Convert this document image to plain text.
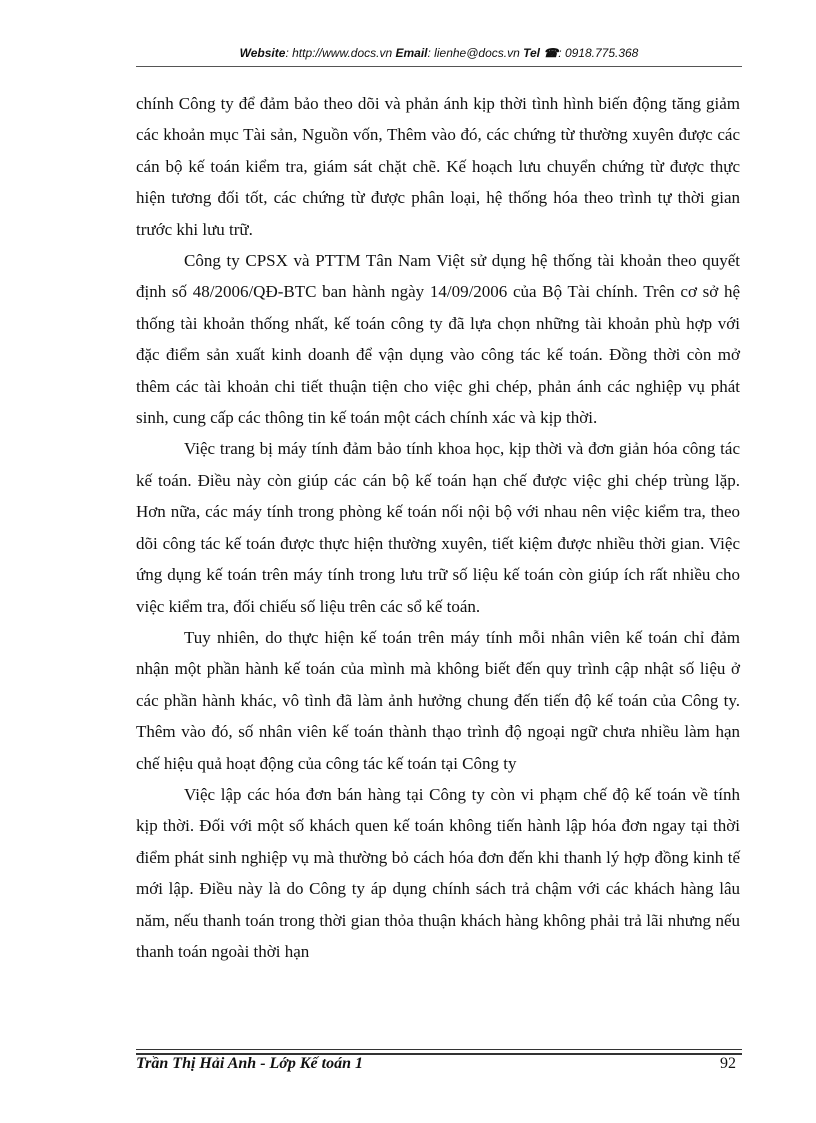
Website: http://www.docs.vn Email: lienhe@docs.vn Tel ☎: 0918.775.368

chính Công ty để đảm bảo theo dõi và phản ánh kịp thời tình hình biến động tăng giảm các khoản mục Tài sản, Nguồn vốn, Thêm vào đó, các chứng từ thường xuyên được các cán bộ kế toán kiểm tra, giám sát chặt chẽ. Kế hoạch lưu chuyển chứng từ được thực hiện tương đối tốt, các chứng từ được phân loại, hệ thống hóa theo trình tự thời gian trước khi lưu trữ.

Công ty CPSX và PTTM Tân Nam Việt sử dụng hệ thống tài khoản theo quyết định số 48/2006/QĐ-BTC ban hành ngày 14/09/2006 của Bộ Tài chính. Trên cơ sở hệ thống tài khoản thống nhất, kế toán công ty đã lựa chọn những tài khoản phù hợp với đặc điểm sản xuất kinh doanh để vận dụng vào công tác kế toán. Đồng thời còn mở thêm các tài khoản chi tiết thuận tiện cho việc ghi chép, phản ánh các nghiệp vụ phát sinh, cung cấp các thông tin kế toán một cách chính xác và kịp thời.

Việc trang bị máy tính đảm bảo tính khoa học, kịp thời và đơn giản hóa công tác kế toán. Điều này còn giúp các cán bộ kế toán hạn chế được việc ghi chép trùng lặp. Hơn nữa, các máy tính trong phòng kế toán nối nội bộ với nhau nên việc kiểm tra, theo dõi công tác kế toán được thực hiện thường xuyên, tiết kiệm được nhiều thời gian. Việc ứng dụng kế toán trên máy tính trong lưu trữ số liệu kế toán còn giúp ích rất nhiều cho việc kiểm tra, đối chiếu số liệu trên các sổ kế toán.

Tuy nhiên, do thực hiện kế toán trên máy tính mỗi nhân viên kế toán chỉ đảm nhận một phần hành kế toán của mình mà không biết đến quy trình cập nhật số liệu ở các phần hành khác, vô tình đã làm ảnh hưởng chung đến tiến độ kế toán của Công ty. Thêm vào đó, số nhân viên kế toán thành thạo trình độ ngoại ngữ chưa nhiều làm hạn chế hiệu quả hoạt động của công tác kế toán tại Công ty

Việc lập các hóa đơn bán hàng tại Công ty còn vi phạm chế độ kế toán về tính kịp thời. Đối với một số khách quen kế toán không tiến hành lập hóa đơn ngay tại thời điểm phát sinh nghiệp vụ mà thường bỏ cách hóa đơn đến khi thanh lý hợp đồng kinh tế mới lập. Điều này là do Công ty áp dụng chính sách trả chậm với các khách hàng lâu năm, nếu thanh toán trong thời gian thỏa thuận khách hàng không phải trả lãi nhưng nếu thanh toán ngoài thời hạn

Trần Thị Hải Anh - Lớp Kế toán 1	92
